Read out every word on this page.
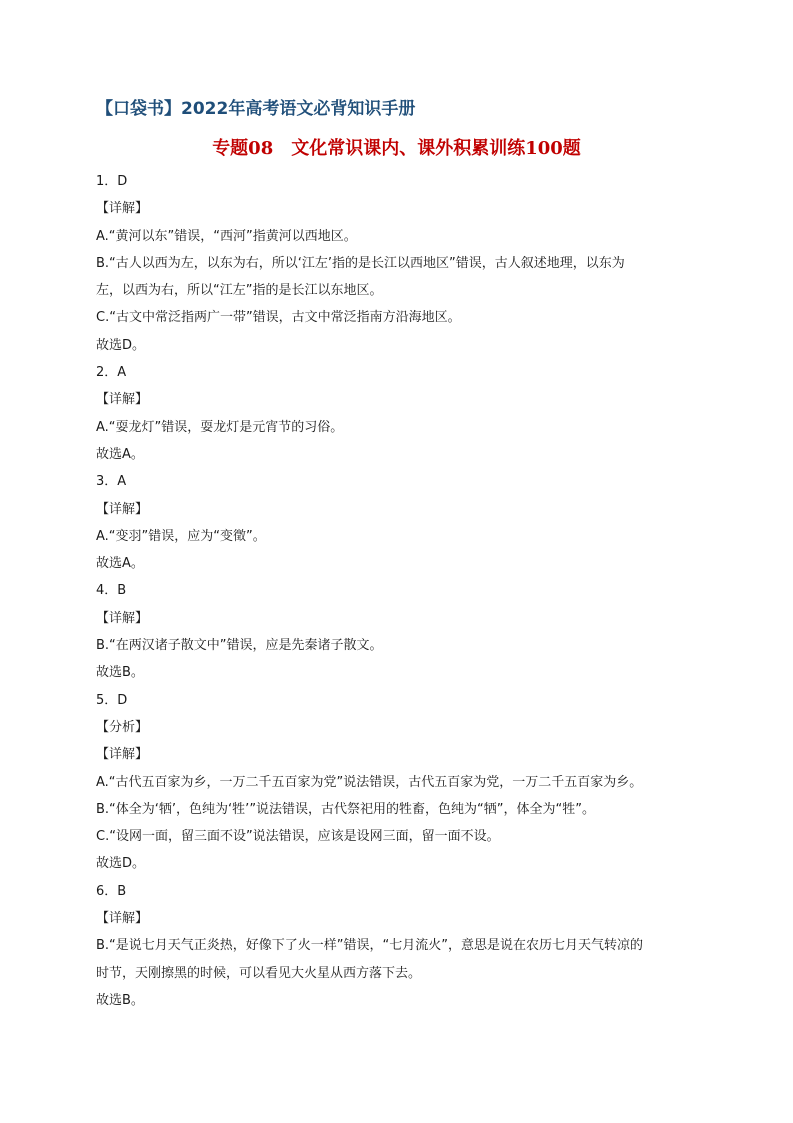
【口袋书】2022年高考语文必背知识手册
专题08　文化常识课内、课外积累训练100题
1．D
【详解】
A.“黄河以东”错误，“西河”指黄河以西地区。
B.“古人以西为左，以东为右，所以‘江左’指的是长江以西地区”错误，古人叙述地理，以东为
左，以西为右，所以“江左”指的是长江以东地区。
C.“古文中常泛指两广一带”错误，古文中常泛指南方沿海地区。
故选D。
2．A
【详解】
A.“耍龙灯”错误，耍龙灯是元宵节的习俗。
故选A。
3．A
【详解】
A.“变羽”错误，应为“变徵”。
故选A。
4．B
【详解】
B.“在两汉诸子散文中”错误，应是先秦诸子散文。
故选B。
5．D
【分析】
【详解】
A.“古代五百家为乡，一万二千五百家为党”说法错误，古代五百家为党，一万二千五百家为乡。
B.“体全为‘牺’，色纯为‘牲’”说法错误，古代祭祀用的牲畜，色纯为“牺”，体全为“牲”。
C.“设网一面，留三面不设”说法错误，应该是设网三面，留一面不设。
故选D。
6．B
【详解】
B.“是说七月天气正炎热，好像下了火一样”错误，“七月流火”，意思是说在农历七月天气转凉的
时节，天刚擦黑的时候，可以看见大火星从西方落下去。
故选B。
